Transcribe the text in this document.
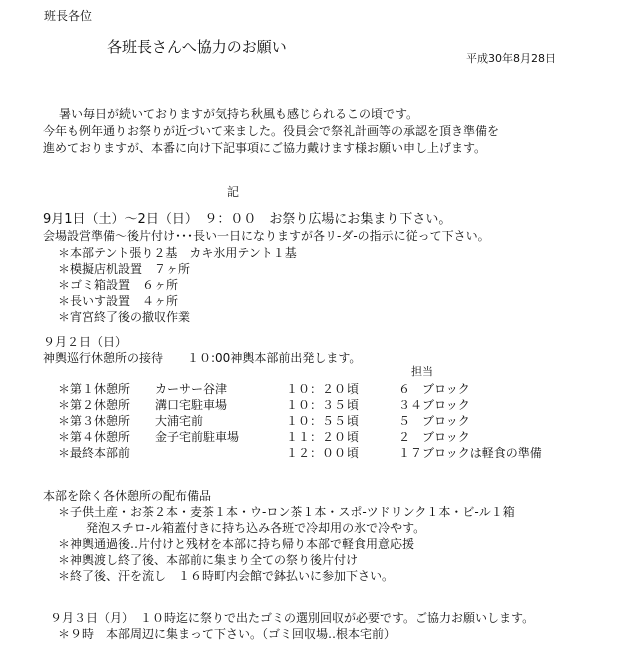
班長各位
各班長さんへ協力のお願い
平成30年8月28日
暑い毎日が続いておりますが気持ち秋風も感じられるこの頃です。
今年も例年通りお祭りが近づいて来ました。役員会で祭礼計画等の承認を頂き準備を
進めておりますが、本番に向け下記事項にご協力戴けます様お願い申し上げます。
記
9月1日（土）～2日（日）　９：００　お祭り広場にお集まり下さい。
会場設営準備～後片付け･･･長い一日になりますが各リ-ダ-の指示に従って下さい。
＊本部テント張り２基　カキ氷用テント１基
＊模擬店机設置　７ヶ所
＊ゴミ箱設置　６ヶ所
＊長いす設置　４ヶ所
＊宵宮終了後の撤収作業
９月２日（日）
神輿巡行休憩所の接待　　１０:00神輿本部前出発します。
担当
＊第１休憩所 カーサー谷津	１０：２０ 頃	６　ブロック
＊第２休憩所 溝口宅駐車場	１０：３５ 頃	３４ブロック
＊第３休憩所 大浦宅前	１０：５５ 頃	５　ブロック
＊第４休憩所 金子宅前駐車場	１１：２０ 頃	２　ブロック
＊最終本部前	１２：００ 頃	１７ブロックは軽食の準備
本部を除く各休憩所の配布備品
＊子供土産・お茶２本・麦茶１本・ウ-ロン茶１本・スポ-ツドリンク１本・ビ-ル１箱
発泡スチロ-ル箱蓋付きに持ち込み各班で冷却用の氷で冷やす。
＊神輿通過後‥片付けと残材を本部に持ち帰り本部で軽食用意応援
＊神輿渡し終了後、本部前に集まり全ての祭り後片付け
＊終了後、汗を流し　１６時町内会館で鉢払いに参加下さい。
９月３日（月）　１０時迄に祭りで出たゴミの選別回収が必要です。ご協力お願いします。
＊９時　本部周辺に集まって下さい。（ゴミ回収場‥根本宅前）
